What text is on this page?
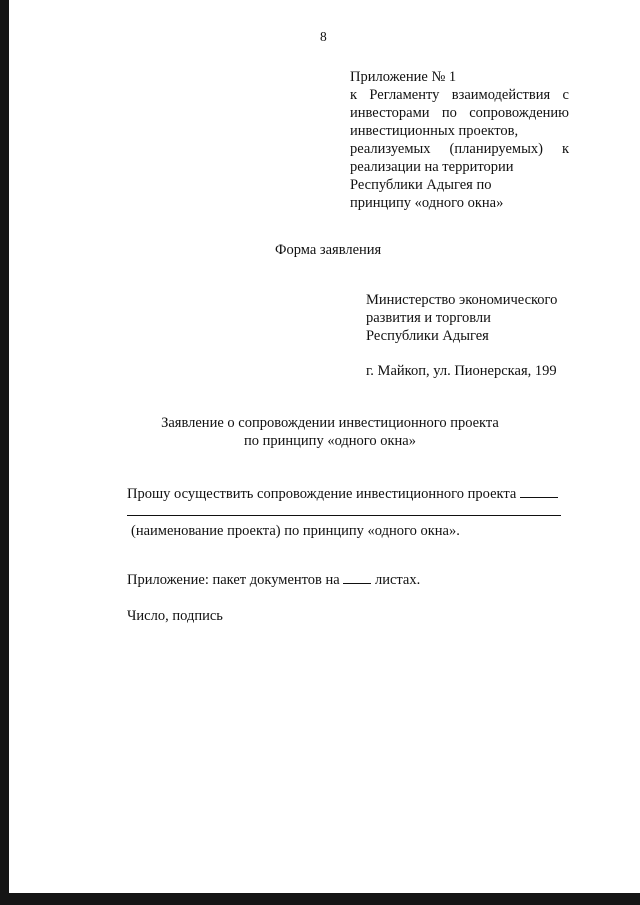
8
Приложение № 1
к Регламенту взаимодействия с
инвесторами по сопровождению
инвестиционных проектов,
реализуемых (планируемых) к
реализации на территории
Республики Адыгея по
принципу «одного окна»
Форма заявления
Министерство экономического
развития и торговли
Республики Адыгея
г. Майкоп, ул. Пионерская, 199
Заявление о сопровождении инвестиционного проекта
по принципу «одного окна»
Прошу осуществить сопровождение инвестиционного проекта
(наименование проекта) по принципу «одного окна».
Приложение: пакет документов на листах.
Число, подпись
